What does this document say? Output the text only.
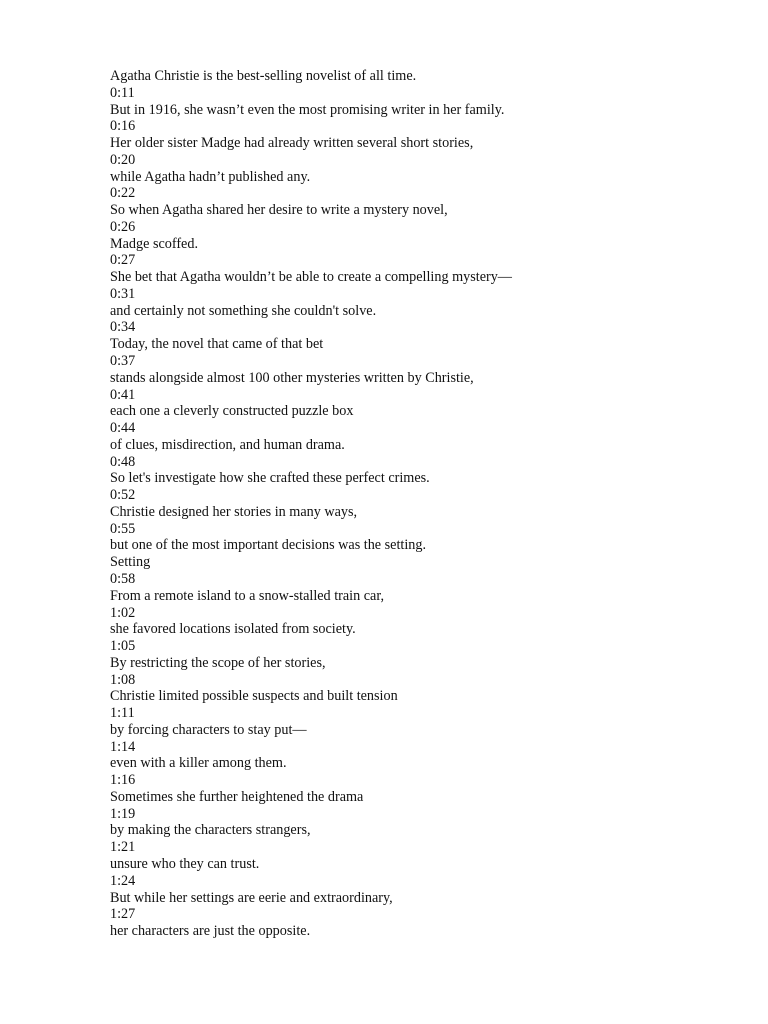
Agatha Christie is the best-selling novelist of all time.
0:11
But in 1916, she wasn’t even the most promising writer in her family.
0:16
Her older sister Madge had already written several short stories,
0:20
while Agatha hadn’t published any.
0:22
So when Agatha shared her desire to write a mystery novel,
0:26
Madge scoffed.
0:27
She bet that Agatha wouldn’t be able to create a compelling mystery—
0:31
and certainly not something she couldn't solve.
0:34
Today, the novel that came of that bet
0:37
stands alongside almost 100 other mysteries written by Christie,
0:41
each one a cleverly constructed puzzle box
0:44
of clues, misdirection, and human drama.
0:48
So let's investigate how she crafted these perfect crimes.
0:52
Christie designed her stories in many ways,
0:55
but one of the most important decisions was the setting.
Setting
0:58
From a remote island to a snow-stalled train car,
1:02
she favored locations isolated from society.
1:05
By restricting the scope of her stories,
1:08
Christie limited possible suspects and built tension
1:11
by forcing characters to stay put—
1:14
even with a killer among them.
1:16
Sometimes she further heightened the drama
1:19
by making the characters strangers,
1:21
unsure who they can trust.
1:24
But while her settings are eerie and extraordinary,
1:27
her characters are just the opposite.
